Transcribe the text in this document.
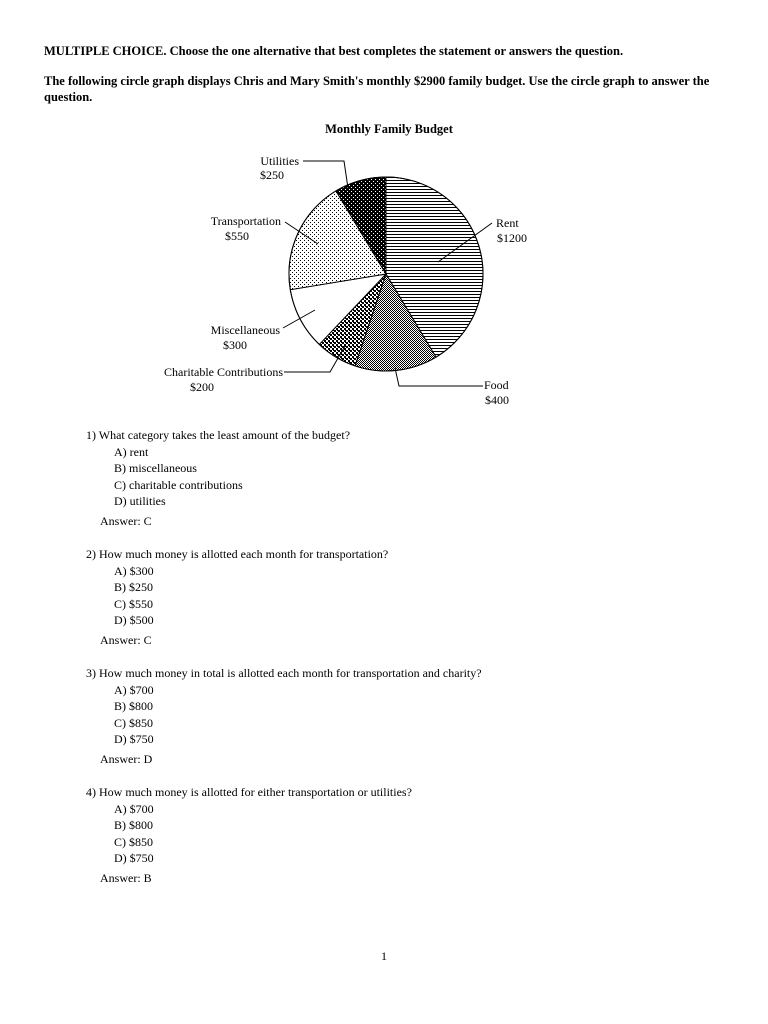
MULTIPLE CHOICE. Choose the one alternative that best completes the statement or answers the question.
The following circle graph displays Chris and Mary Smith's monthly $2900 family budget. Use the circle graph to answer the question.
Monthly Family Budget
Rent
$1200
Food
$400
Charitable Contributions
$200
Miscellaneous
$300
Transportation
$550
Utilities
$250
1) What category takes the least amount of the budget?
A) rent
B) miscellaneous
C) charitable contributions
D) utilities
Answer: C
2) How much money is allotted each month for transportation?
A) $300
B) $250
C) $550
D) $500
Answer: C
3) How much money in total is allotted each month for transportation and charity?
A) $700
B) $800
C) $850
D) $750
Answer: D
4) How much money is allotted for either transportation or utilities?
A) $700
B) $800
C) $850
D) $750
Answer: B
1
